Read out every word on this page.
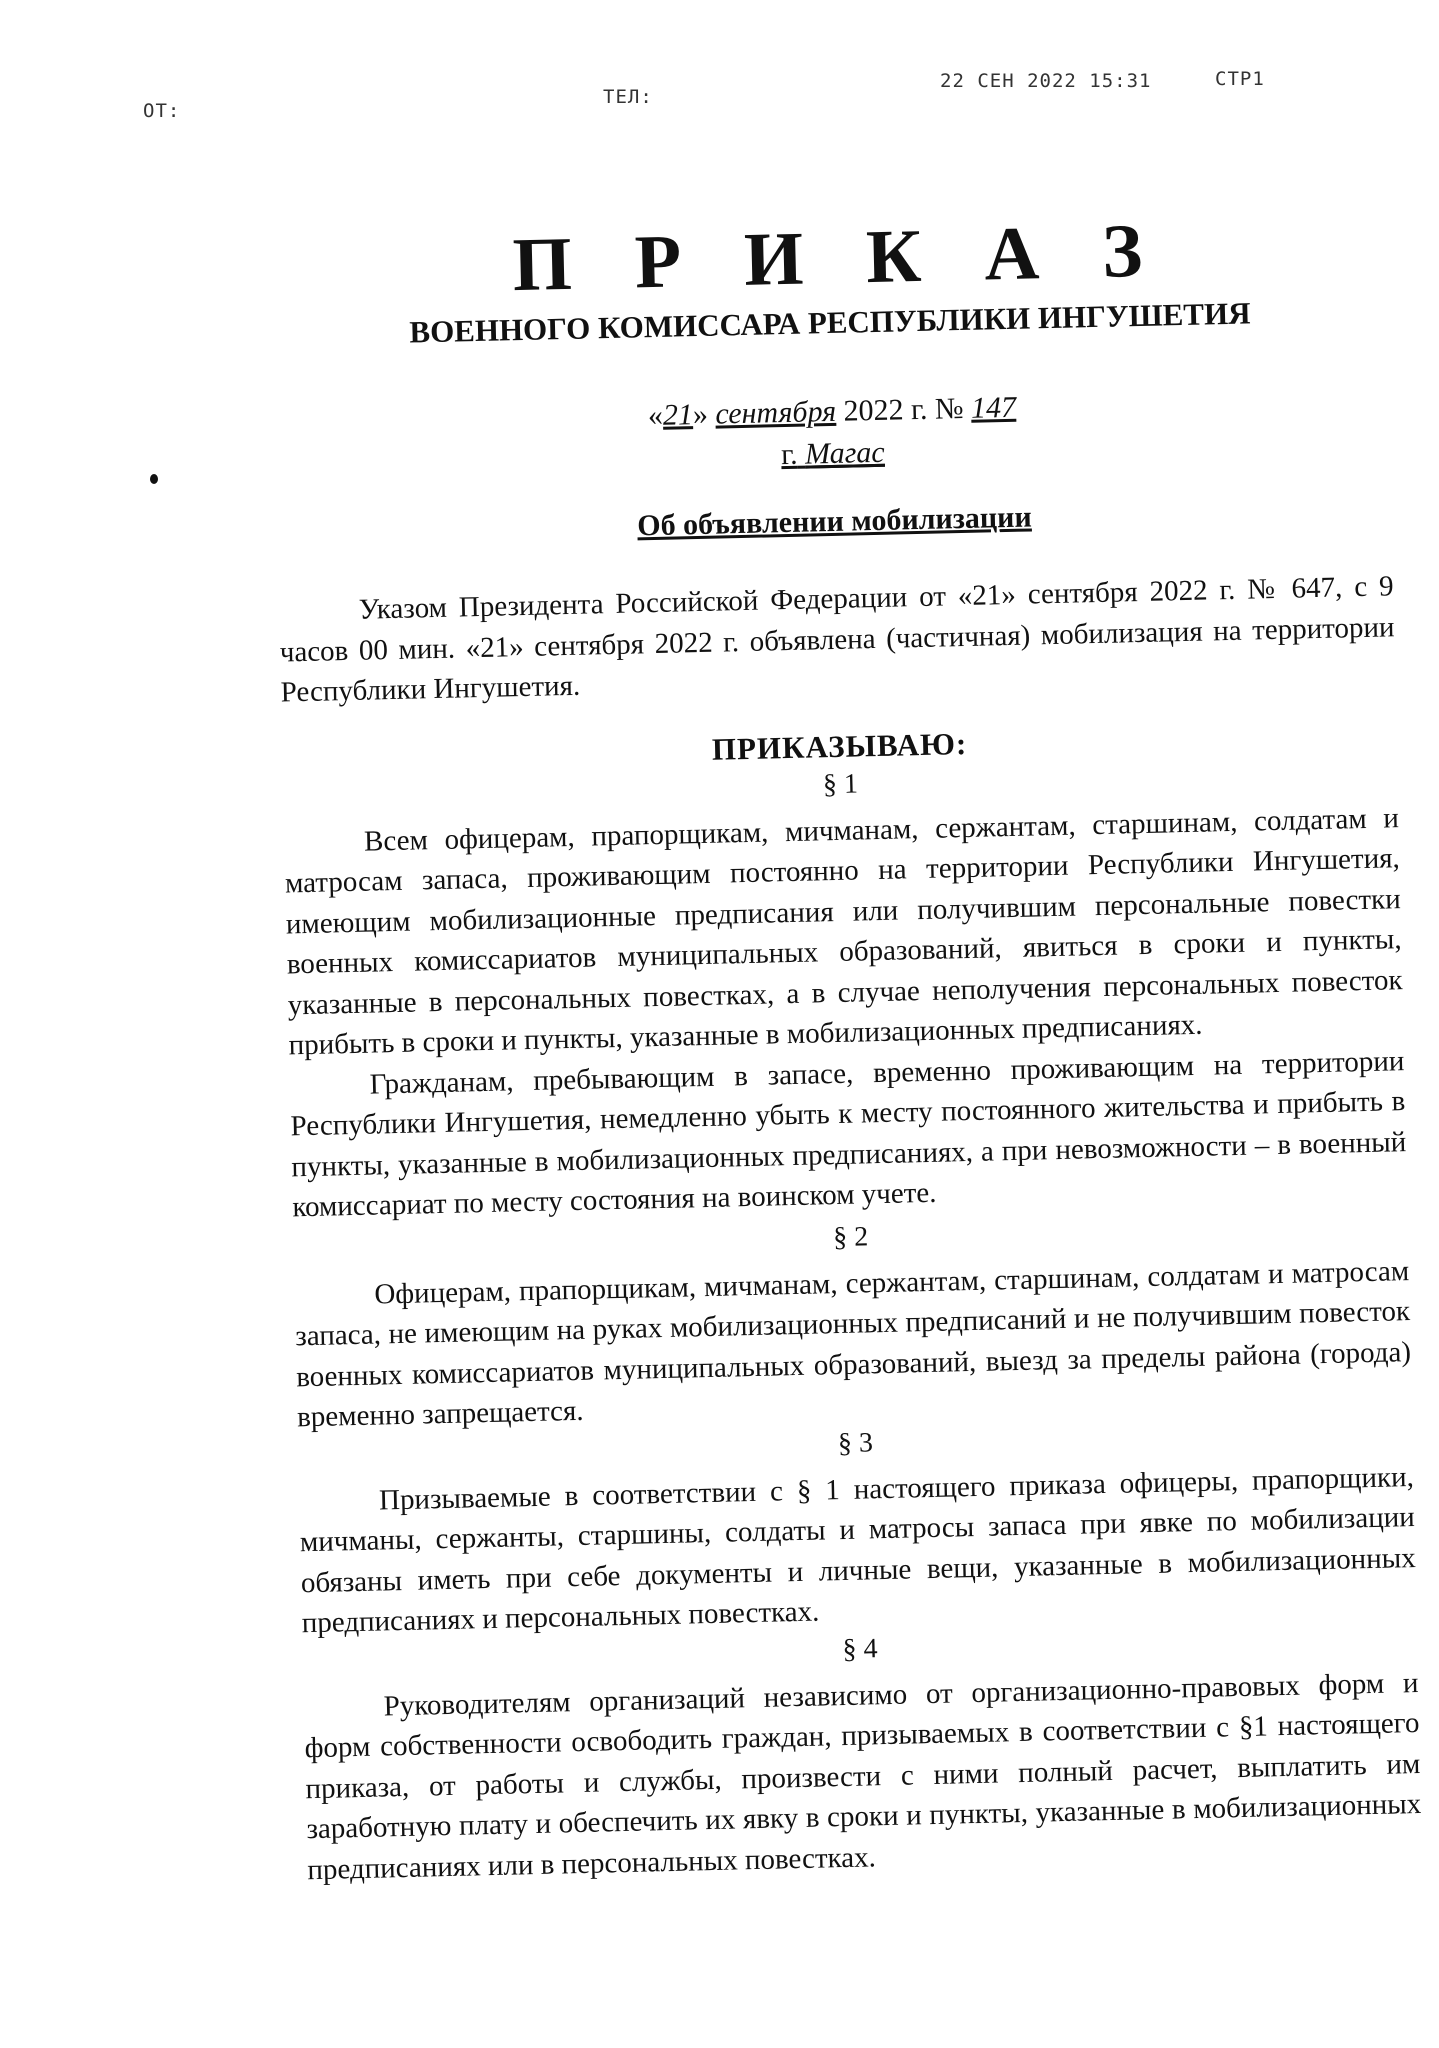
ОТ:
ТЕЛ:
22 СЕН 2022 15:31	СТР1
П Р И К А З
ВОЕННОГО КОМИССАРА РЕСПУБЛИКИ ИНГУШЕТИЯ
«21» сентября 2022 г. № 147
г. Магас
Об объявлении мобилизации

Указом Президента Российской Федерации от «21» сентября 2022 г. № 647, с 9 часов 00 мин. «21» сентября 2022 г. объявлена (частичная) мобилизация на территории Республики Ингушетия.

ПРИКАЗЫВАЮ:
§ 1

Всем офицерам, прапорщикам, мичманам, сержантам, старшинам, солдатам и матросам запаса, проживающим постоянно на территории Республики Ингушетия, имеющим мобилизационные предписания или получившим персональные повестки военных комиссариатов муниципальных образований, явиться в сроки и пункты, указанные в персональных повестках, а в случае неполучения персональных повесток прибыть в сроки и пункты, указанные в мобилизационных предписаниях.

Гражданам, пребывающим в запасе, временно проживающим на территории Республики Ингушетия, немедленно убыть к месту постоянного жительства и прибыть в пункты, указанные в мобилизационных предписаниях, а при невозможности – в военный комиссариат по месту состояния на воинском учете.

§ 2

Офицерам, прапорщикам, мичманам, сержантам, старшинам, солдатам и матросам запаса, не имеющим на руках мобилизационных предписаний и не получившим повесток военных комиссариатов муниципальных образований, выезд за пределы района (города) временно запрещается.

§ 3

Призываемые в соответствии с § 1 настоящего приказа офицеры, прапорщики, мичманы, сержанты, старшины, солдаты и матросы запаса при явке по мобилизации обязаны иметь при себе документы и личные вещи, указанные в мобилизационных предписаниях и персональных повестках.

§ 4

Руководителям организаций независимо от организационно-правовых форм и форм собственности освободить граждан, призываемых в соответствии с §1 настоящего приказа, от работы и службы, произвести с ними полный расчет, выплатить им заработную плату и обеспечить их явку в сроки и пункты, указанные в мобилизационных предписаниях или в персональных повестках.
